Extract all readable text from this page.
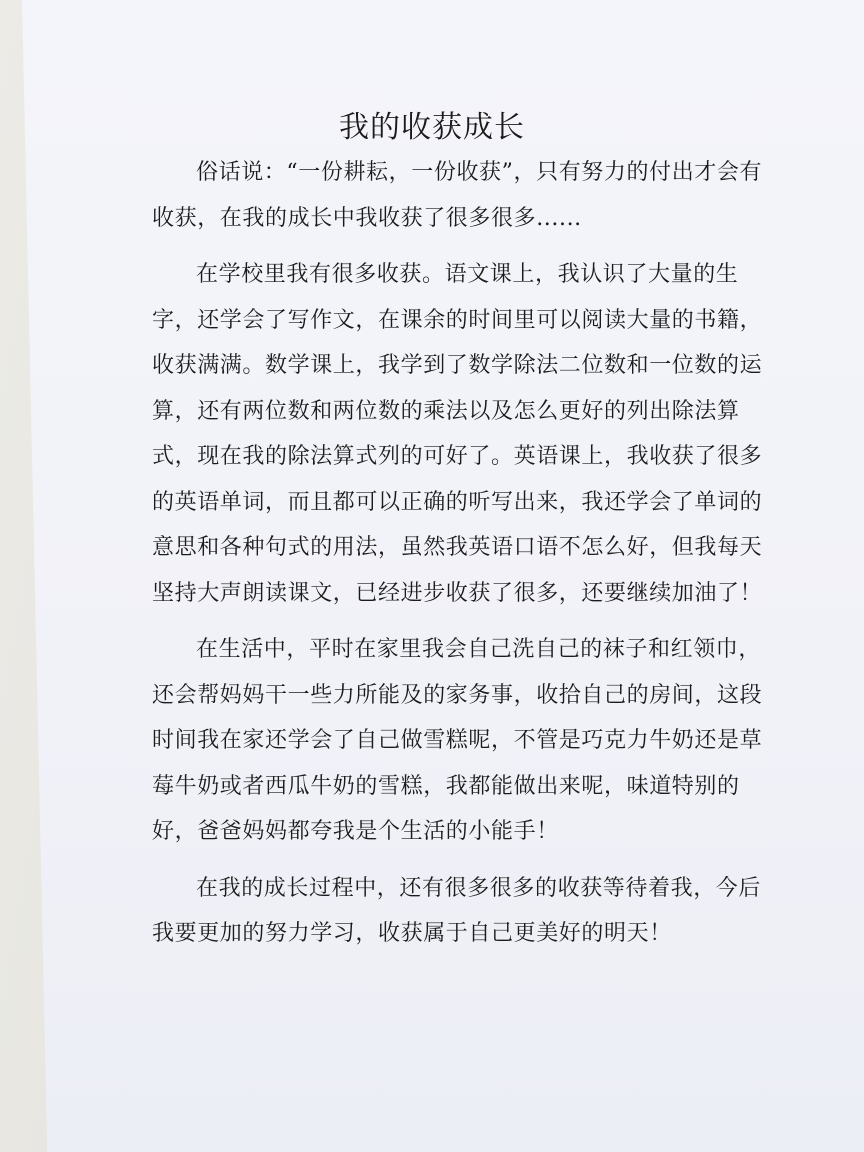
我的收获成长

俗话说：“一份耕耘，一份收获”，只有努力的付出才会有收获，在我的成长中我收获了很多很多......

在学校里我有很多收获。语文课上，我认识了大量的生字，还学会了写作文，在课余的时间里可以阅读大量的书籍，收获满满。数学课上，我学到了数学除法二位数和一位数的运算，还有两位数和两位数的乘法以及怎么更好的列出除法算式，现在我的除法算式列的可好了。英语课上，我收获了很多的英语单词，而且都可以正确的听写出来，我还学会了单词的意思和各种句式的用法，虽然我英语口语不怎么好，但我每天坚持大声朗读课文，已经进步收获了很多，还要继续加油了！

在生活中，平时在家里我会自己洗自己的袜子和红领巾，还会帮妈妈干一些力所能及的家务事，收拾自己的房间，这段时间我在家还学会了自己做雪糕呢，不管是巧克力牛奶还是草莓牛奶或者西瓜牛奶的雪糕，我都能做出来呢，味道特别的好，爸爸妈妈都夸我是个生活的小能手！

在我的成长过程中，还有很多很多的收获等待着我，今后我要更加的努力学习，收获属于自己更美好的明天！
